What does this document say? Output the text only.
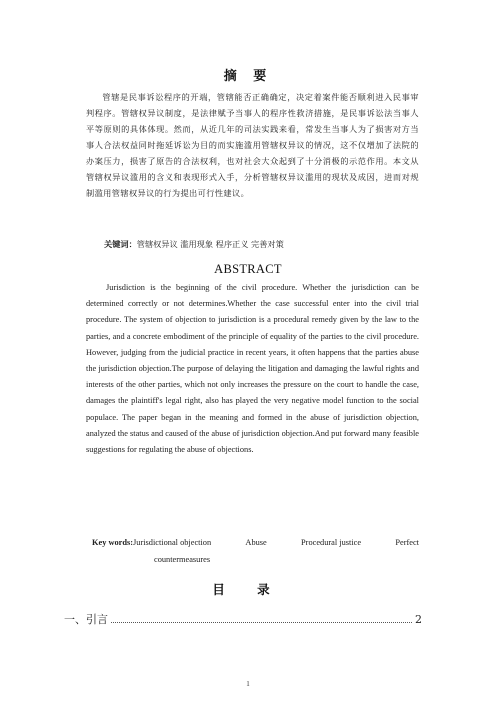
摘 要
管辖是民事诉讼程序的开端，管辖能否正确确定，决定着案件能否顺利进入民事审判程序。管辖权异议制度，是法律赋予当事人的程序性救济措施，是民事诉讼法当事人平等原则的具体体现。然而，从近几年的司法实践来看，常发生当事人为了损害对方当事人合法权益同时拖延诉讼为目的而实施滥用管辖权异议的情况，这不仅增加了法院的办案压力，损害了原告的合法权利，也对社会大众起到了十分消极的示范作用。本文从管辖权异议滥用的含义和表现形式入手，分析管辖权异议滥用的现状及成因，进而对规制滥用管辖权异议的行为提出可行性建议。
关键词：管辖权异议 滥用现象 程序正义 完善对策
ABSTRACT
Jurisdiction is the beginning of the civil procedure. Whether the jurisdiction can be determined correctly or not determines.Whether the case successful enter into the civil trial procedure. The system of objection to jurisdiction is a procedural remedy given by the law to the parties, and a concrete embodiment of the principle of equality of the parties to the civil procedure. However, judging from the judicial practice in recent years, it often happens that the parties abuse the jurisdiction objection.The purpose of delaying the litigation and damaging the lawful rights and interests of the other parties, which not only increases the pressure on the court to handle the case, damages the plaintiff's legal right, also has played the very negative model function to the social populace. The paper began in the meaning and formed in the abuse of jurisdiction objection, analyzed the status and caused of the abuse of jurisdiction objection.And put forward many feasible suggestions for regulating the abuse of objections.
Key words:Jurisdictional objection	Abuse	Procedural justice	Perfect
countermeasures
目 录
一、引言	2
1
